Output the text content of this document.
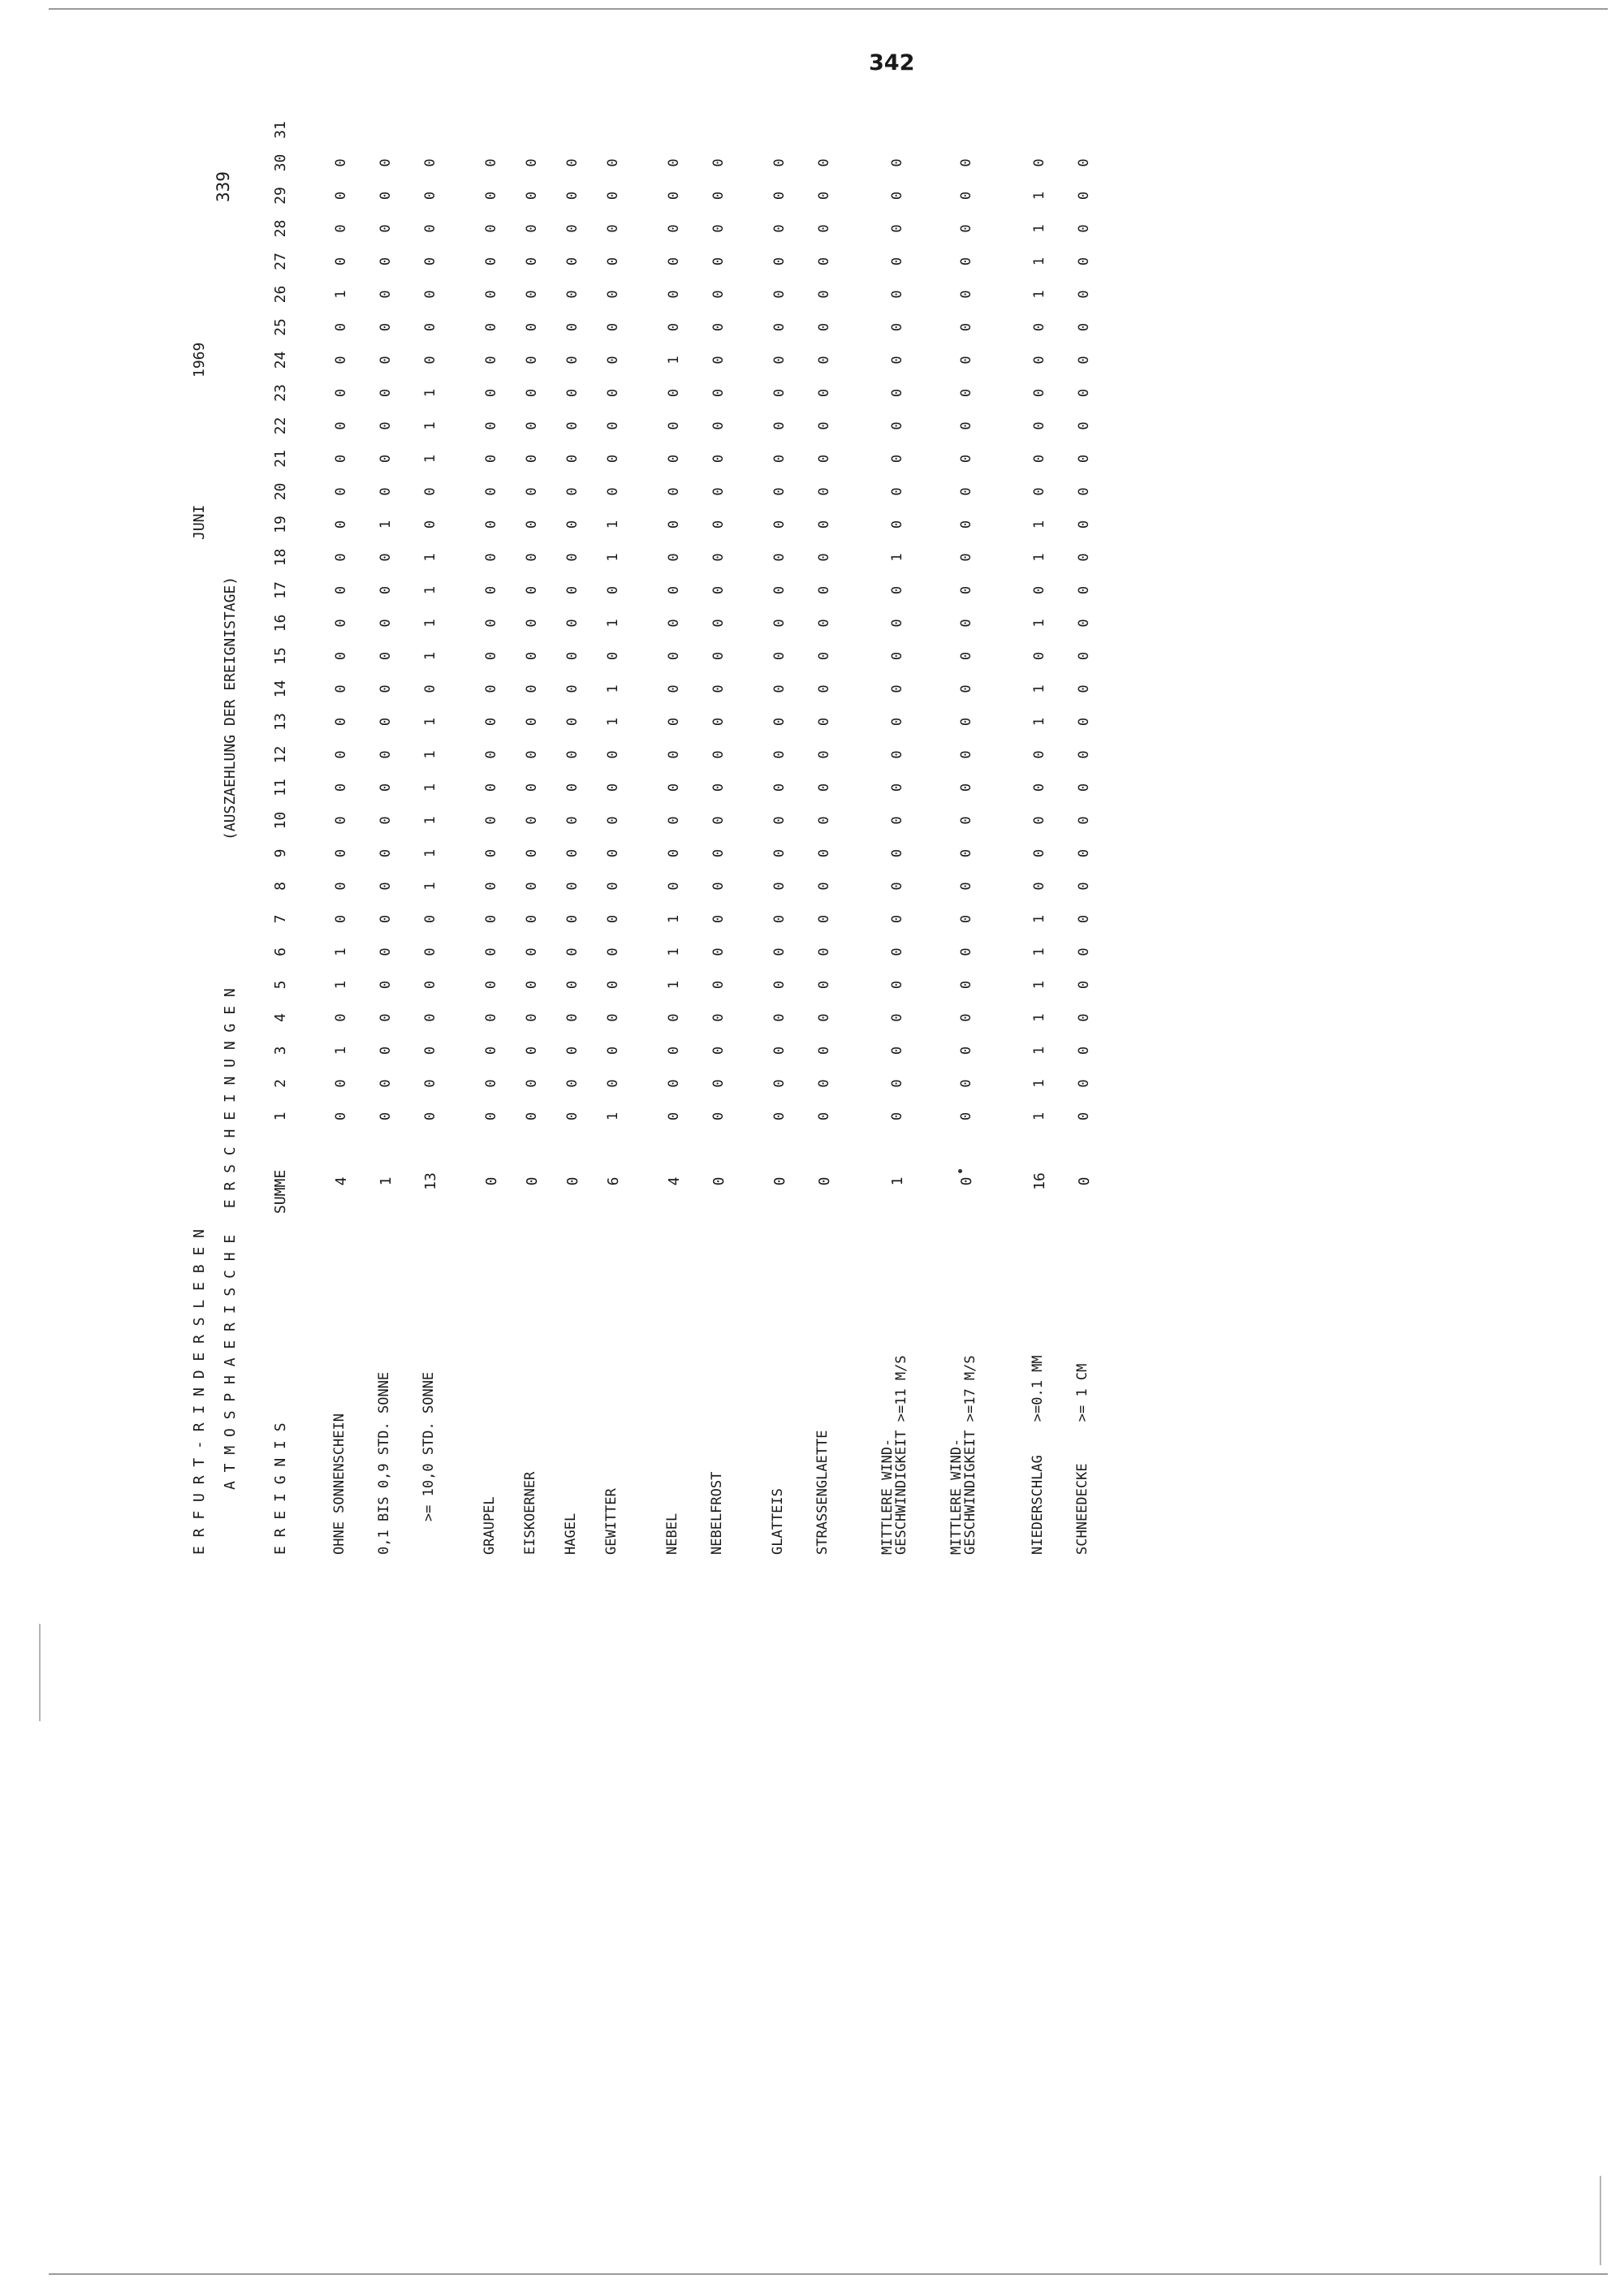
342
339
E R F U R T - R I N D E R S L E B E N
JUNI
1969
A T M O S P H A E R I S C H E   E R S C H E I N U N G E N
(AUSZAEHLUNG DER EREIGNISTAGE)
E R E I G N I S
SUMME
1
2
3
4
5
6
7
8
9
10
11
12
13
14
15
16
17
18
19
20
21
22
23
24
25
26
27
28
29
30
31
OHNE SONNENSCHEIN
4
0
0
1
0
1
1
0
0
0
0
0
0
0
0
0
0
0
0
0
0
0
0
0
0
0
1
0
0
0
0
0,1 BIS 0,9 STD. SONNE
1
0
0
0
0
0
0
0
0
0
0
0
0
0
0
0
0
0
0
1
0
0
0
0
0
0
0
0
0
0
0
>= 10,0 STD. SONNE
13
0
0
0
0
0
0
0
1
1
1
1
1
1
0
1
1
1
1
0
0
1
1
1
0
0
0
0
0
0
0
GRAUPEL
0
0
0
0
0
0
0
0
0
0
0
0
0
0
0
0
0
0
0
0
0
0
0
0
0
0
0
0
0
0
0
EISKOERNER
0
0
0
0
0
0
0
0
0
0
0
0
0
0
0
0
0
0
0
0
0
0
0
0
0
0
0
0
0
0
0
HAGEL
0
0
0
0
0
0
0
0
0
0
0
0
0
0
0
0
0
0
0
0
0
0
0
0
0
0
0
0
0
0
0
GEWITTER
6
1
0
0
0
0
0
0
0
0
0
0
0
1
1
0
1
0
1
1
0
0
0
0
0
0
0
0
0
0
0
NEBEL
4
0
0
0
0
1
1
1
0
0
0
0
0
0
0
0
0
0
0
0
0
0
0
0
1
0
0
0
0
0
0
NEBELFROST
0
0
0
0
0
0
0
0
0
0
0
0
0
0
0
0
0
0
0
0
0
0
0
0
0
0
0
0
0
0
0
GLATTEIS
0
0
0
0
0
0
0
0
0
0
0
0
0
0
0
0
0
0
0
0
0
0
0
0
0
0
0
0
0
0
0
STRASSENGLAETTE
0
0
0
0
0
0
0
0
0
0
0
0
0
0
0
0
0
0
0
0
0
0
0
0
0
0
0
0
0
0
0
MITTLERE WIND-
GESCHWINDIGKEIT >=11 M/S
1
0
0
0
0
0
0
0
0
0
0
0
0
0
0
0
0
0
1
0
0
0
0
0
0
0
0
0
0
0
0
MITTLERE WIND-
GESCHWINDIGKEIT >=17 M/S
0
0
0
0
0
0
0
0
0
0
0
0
0
0
0
0
0
0
0
0
0
0
0
0
0
0
0
0
0
0
0
NIEDERSCHLAG    >=0.1 MM
16
1
1
1
1
1
1
1
0
0
0
0
0
1
1
0
1
0
1
1
0
0
0
0
0
0
1
1
1
1
0
SCHNEEDECKE     >= 1 CM
0
0
0
0
0
0
0
0
0
0
0
0
0
0
0
0
0
0
0
0
0
0
0
0
0
0
0
0
0
0
0
